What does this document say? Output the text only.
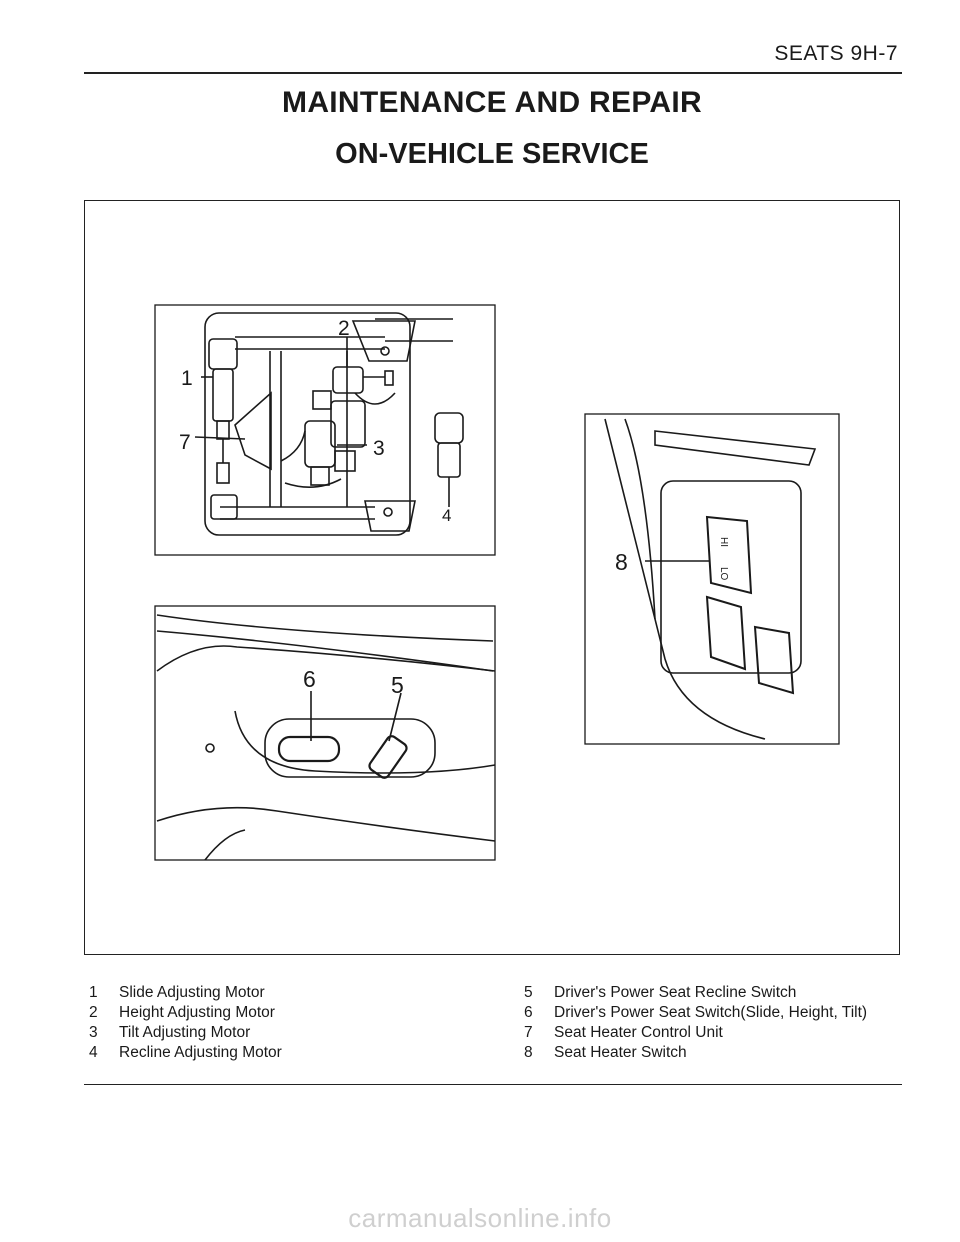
SEATS 9H-7
MAINTENANCE AND REPAIR
ON-VEHICLE SERVICE
1
2
3
4
5
6
7
8
HI
LO
1	Slide Adjusting Motor
2	Height Adjusting Motor
3	Tilt Adjusting Motor
4	Recline Adjusting Motor
5	Driver's Power Seat Recline Switch
6	Driver's Power Seat Switch(Slide, Height, Tilt)
7	Seat Heater Control Unit
8	Seat Heater Switch
carmanualsonline.info
